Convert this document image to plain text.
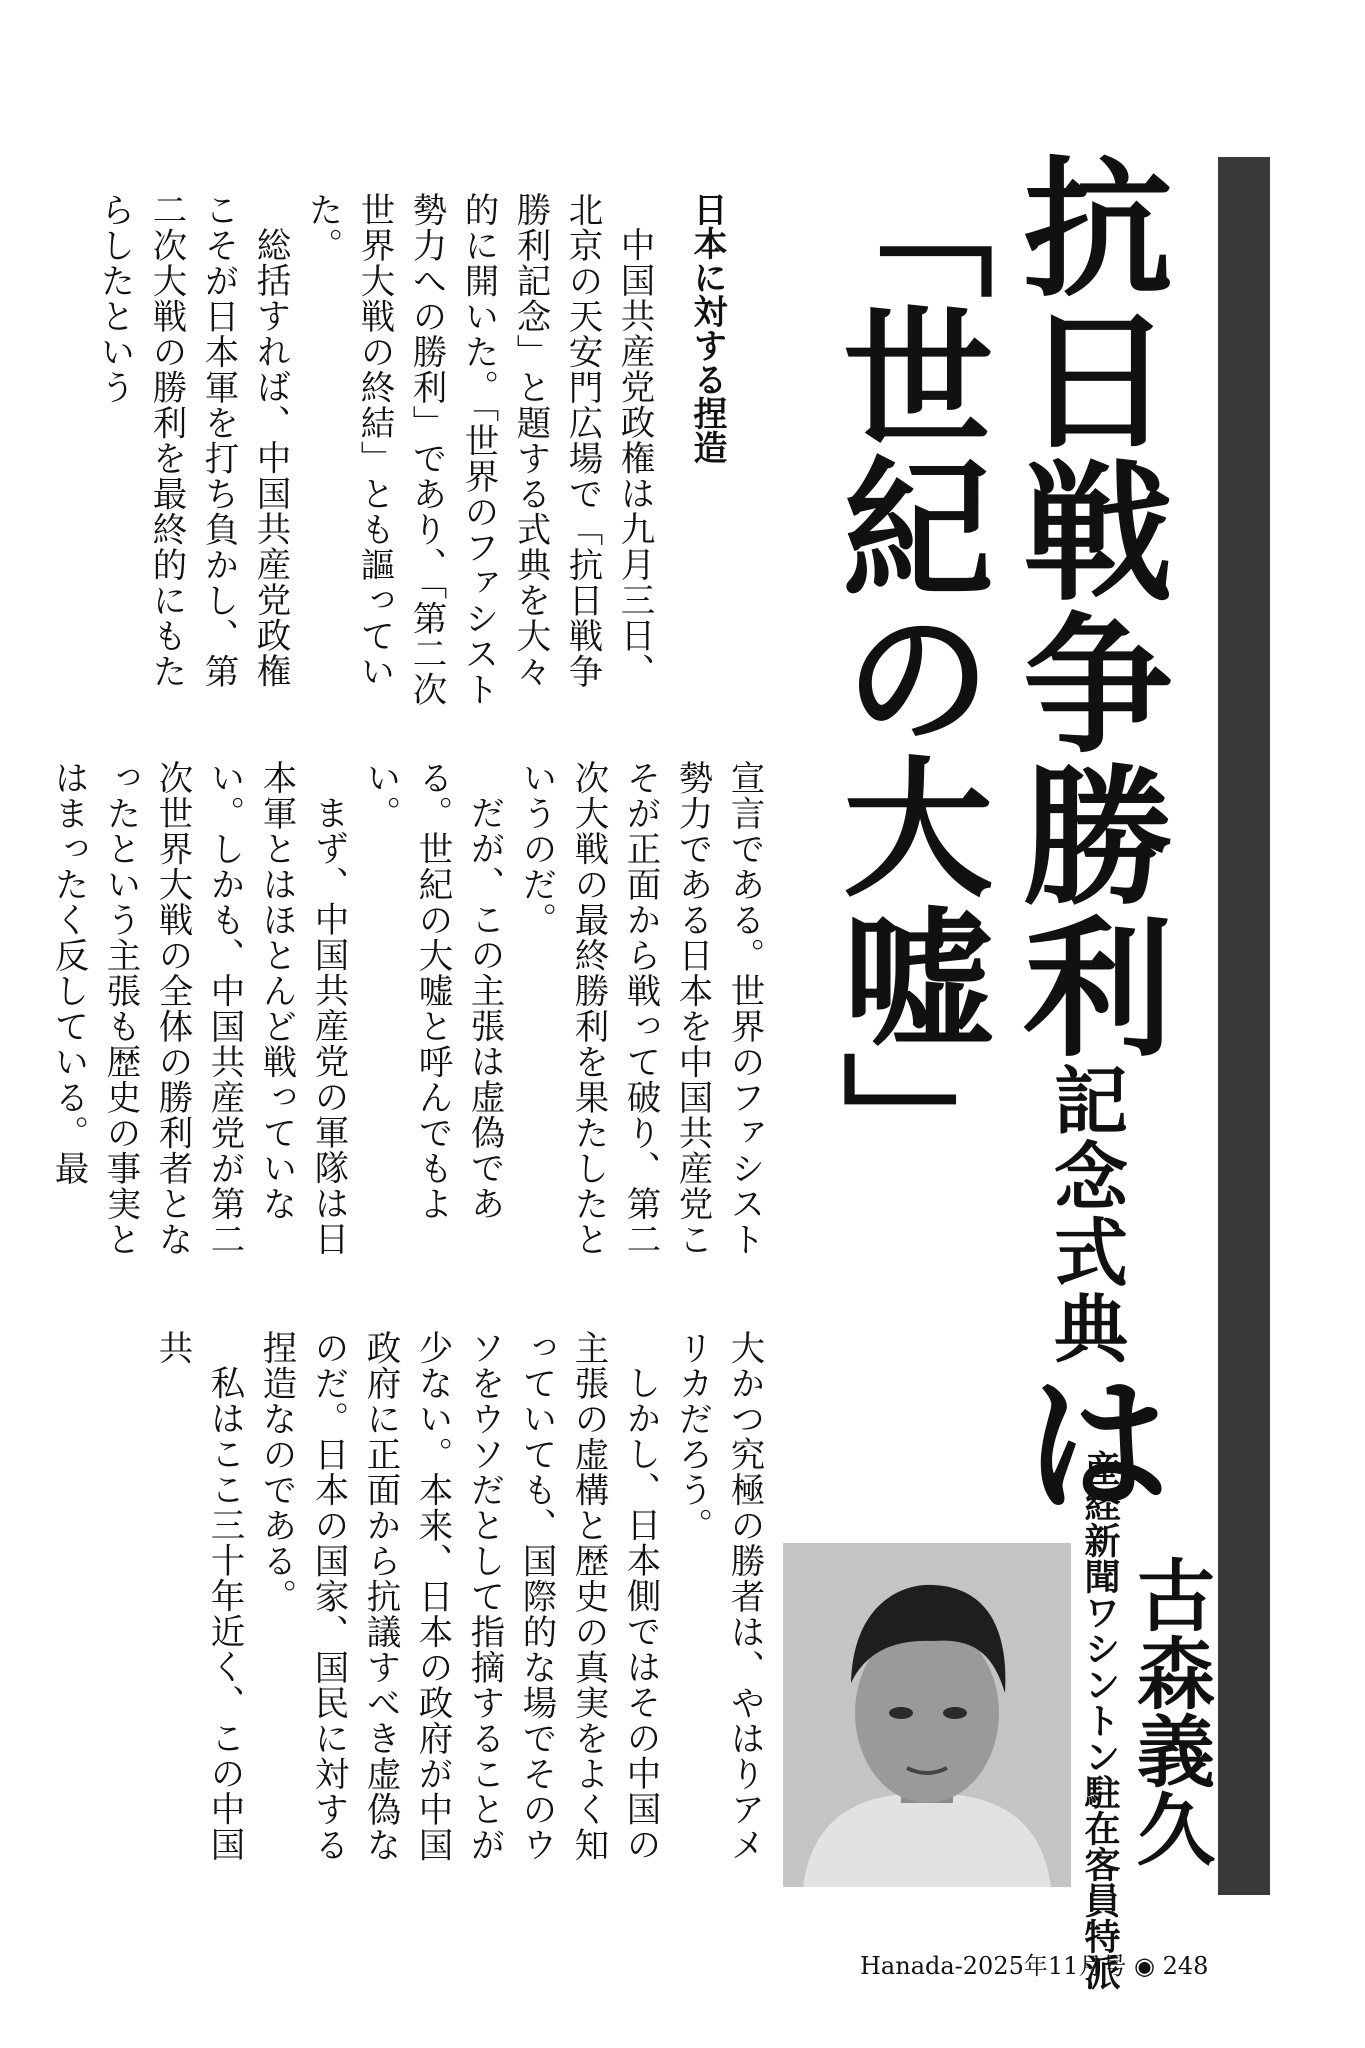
抗日戦争勝利記念式典は
「世紀の大嘘」
産経新聞ワシントン駐在客員特派 古森義久
日本に対する捏造

中国共産党政権は九月三日、北京の天安門広場で「抗日戦争勝利記念」と題する式典を大々的に開いた。「世界のファシスト勢力への勝利」であり、「第二次世界大戦の終結」とも謳っていた。

総括すれば、中国共産党政権こそが日本軍を打ち負かし、第二次大戦の勝利を最終的にもたらしたという

宣言である。世界のファシスト勢力である日本を中国共産党こそが正面から戦って破り、第二次大戦の最終勝利を果たしたというのだ。

だが、この主張は虚偽である。世紀の大嘘と呼んでもよい。

まず、中国共産党の軍隊は日本軍とはほとんど戦っていない。しかも、中国共産党が第二次世界大戦の全体の勝利者となったという主張も歴史の事実とはまったく反している。最

大かつ究極の勝者は、やはりアメリカだろう。

しかし、日本側ではその中国の主張の虚構と歴史の真実をよく知っていても、国際的な場でそのウソをウソだとして指摘することが少ない。本来、日本の政府が中国政府に正面から抗議すべき虚偽なのだ。日本の国家、国民に対する捏造なのである。

私はここ三十年近く、この中国共

Hanada-2025年11月号 ◉ 248
